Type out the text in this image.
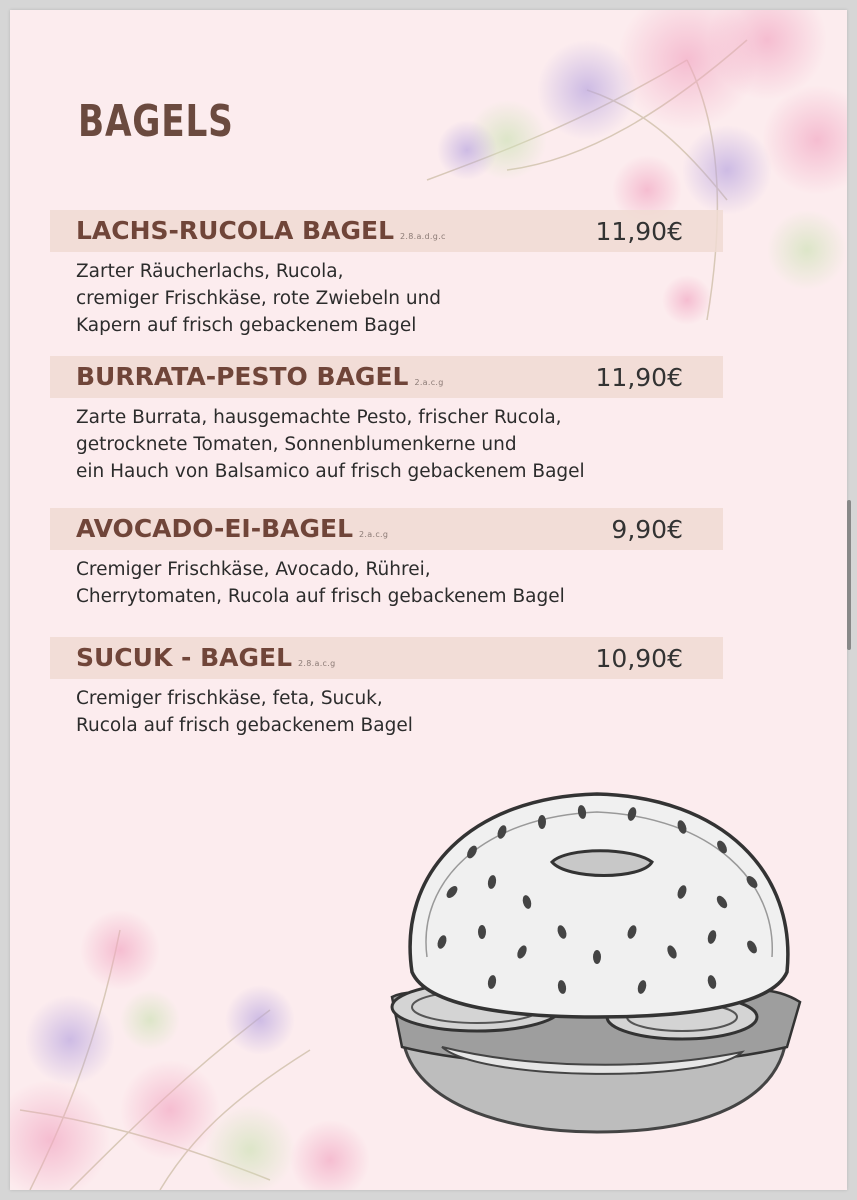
BAGELS
LACHS-RUCOLA BAGEL 2.8.a.d.g.c	11,90€
Zarter Räucherlachs, Rucola,
cremiger Frischkäse, rote Zwiebeln und
Kapern auf frisch gebackenem Bagel
BURRATA-PESTO BAGEL 2.a.c.g	11,90€
Zarte Burrata, hausgemachte Pesto, frischer Rucola,
getrocknete Tomaten, Sonnenblumenkerne und
ein Hauch von Balsamico auf frisch gebackenem Bagel
AVOCADO-EI-BAGEL 2.a.c.g	9,90€
Cremiger Frischkäse, Avocado, Rührei,
Cherrytomaten, Rucola auf frisch gebackenem Bagel
SUCUK - BAGEL 2.8.a.c.g	10,90€
Cremiger frischkäse, feta, Sucuk,
Rucola auf frisch gebackenem Bagel
